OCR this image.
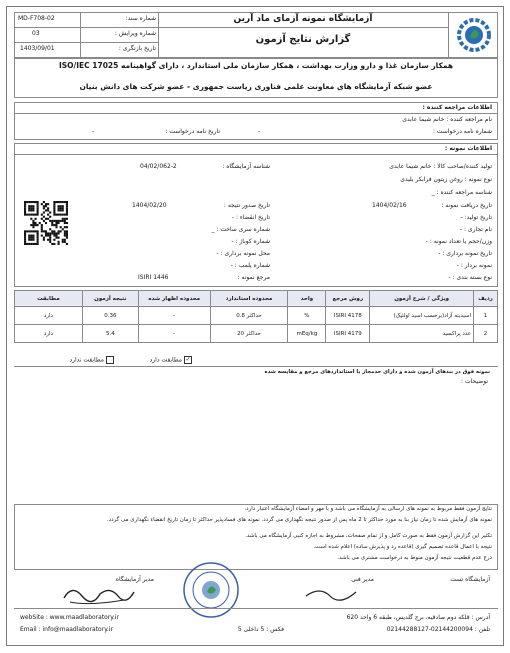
MD-F708-02	شماره سند:
03	شماره ویرایش :
1403/09/01	تاریخ بازنگری :
آزمایشگاه نمونه آزمای ماد آرین
گزارش نتایج آزمون
همکار سازمان غذا و دارو وزارت بهداشت ، همکار سازمان ملی استاندارد ، دارای گواهینامه ISO/IEC 17025
عضو شبکه آزمایشگاه های معاونت علمی فناوری ریاست جمهوری - عضو شرکت های دانش بنیان
اطلاعات مراجعه کننده :
نام مراجعه کننده : خانم شیما عابدی
شماره نامه درخواست :
-
تاریخ نامه درخواست :
-
اطلاعات نمونه :
تولید کننده/صاحب کالا : خانم شیما عابدی
نوع نمونه : روغن زیتون فرابکر بلیدی
شناسه مراجعه کننده : _
تاریخ دریافت نمونه :
1404/02/16
تاریخ تولید: -
نام تجاری : -
وزن/حجم یا تعداد نمونه : -
تاریخ نمونه برداری : -
نمونه بردار : -
نوع بسته بندی : -
شناسه آزمایشگاه :
04/02/062-2
تاریخ صدور نتیجه :
1404/02/20
تاریخ انقضاء : -
شماره سری ساخت : _
شماره کوباژ : -
محل نمونه برداری : -
شماره پلمب : -
مرجع نمونه :
ISIRI 1446
ردیف	ویژگی / شرح آزمون	روش مرجع	واحد	محدوده استاندارد	محدوده اظهار شده	نتیجه آزمون	مطابقت
1	اسیدیته آزاد(برحسب اسید اولئیک)	ISIRI 4178	%	حداکثر 0.8	-	0.36	دارد
2	عدد پراکسید	ISIRI 4179	mEq/kg	حداکثر 20	-	5.4	دارد
✓مطابقت دارد
مطابقت ندارد
نمونه فوق در بندهای آزمون شده و دارای حدمجاز با استانداردهای مرجع و مقایسه شده
توضیحات :
نتایج آزمون فقط مربوط به نمونه های ارسالی به آزمایشگاه می باشد و با مهر و امضاء آزمایشگاه اعتبار دارد.
نمونه های آزمایش شده تا زمان نیاز بنا به مورد حداکثر تا 2 ماه پس از صدور نتیجه نگهداری می گردد. نمونه های فسادپذیر حداکثر تا زمان تاریخ انقضاء نگهداری می گردد.
تکثیر این گزارش آزمون فقط به صورت کامل و از تمام صفحات، مشروط به اجازه کتبی آزمایشگاه می باشد.
نتیجه با اعمال قاعده تصمیم گیری (قاعده رد و پذیرش ساده) اعلام شده است.
درج عدم قطعیت نتیجه آزمون منوط به درخواست مشتری می باشد.
مدیر آزمایشگاه	مدیر فنی	آزمایشگاه تست
webSite : www.maadlaboratory.ir
Email : info@maadlaboratory.ir
آدرس : قلکه دوم صادقیه، برج گلدیس، طبقه 6 واحد 620
تلفن : 02144200094-02144288127
فکس : 5 داخلی 5
